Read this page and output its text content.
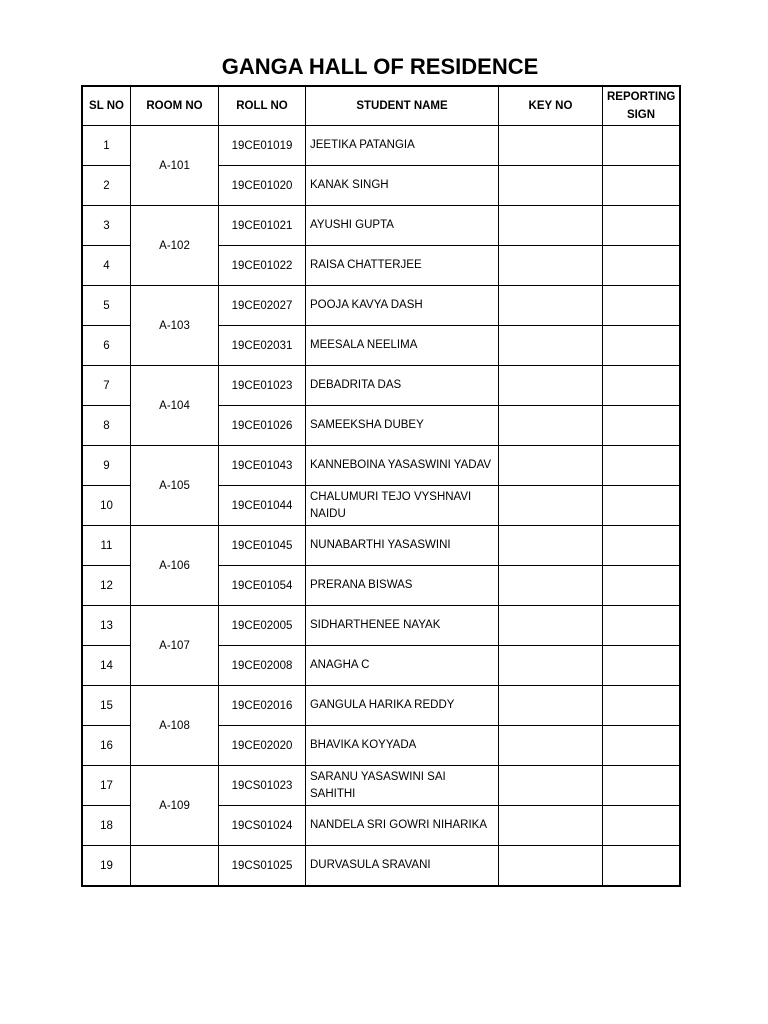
GANGA HALL OF RESIDENCE
SL NO	ROOM NO	ROLL NO	STUDENT NAME	KEY NO	REPORTING
SIGN
1	A-101	19CE01019	JEETIKA PATANGIA		
2		19CE01020	KANAK SINGH		
3	A-102	19CE01021	AYUSHI GUPTA		
4		19CE01022	RAISA CHATTERJEE		
5	A-103	19CE02027	POOJA KAVYA DASH		
6		19CE02031	MEESALA NEELIMA		
7	A-104	19CE01023	DEBADRITA DAS		
8		19CE01026	SAMEEKSHA DUBEY		
9	A-105	19CE01043	KANNEBOINA YASASWINI YADAV		
10		19CE01044	CHALUMURI TEJO VYSHNAVI NAIDU		
11	A-106	19CE01045	NUNABARTHI YASASWINI		
12		19CE01054	PRERANA BISWAS		
13	A-107	19CE02005	SIDHARTHENEE NAYAK		
14		19CE02008	ANAGHA C		
15	A-108	19CE02016	GANGULA HARIKA REDDY		
16		19CE02020	BHAVIKA KOYYADA		
17	A-109	19CS01023	SARANU YASASWINI SAI SAHITHI		
18		19CS01024	NANDELA SRI GOWRI NIHARIKA		
19		19CS01025	DURVASULA SRAVANI		
